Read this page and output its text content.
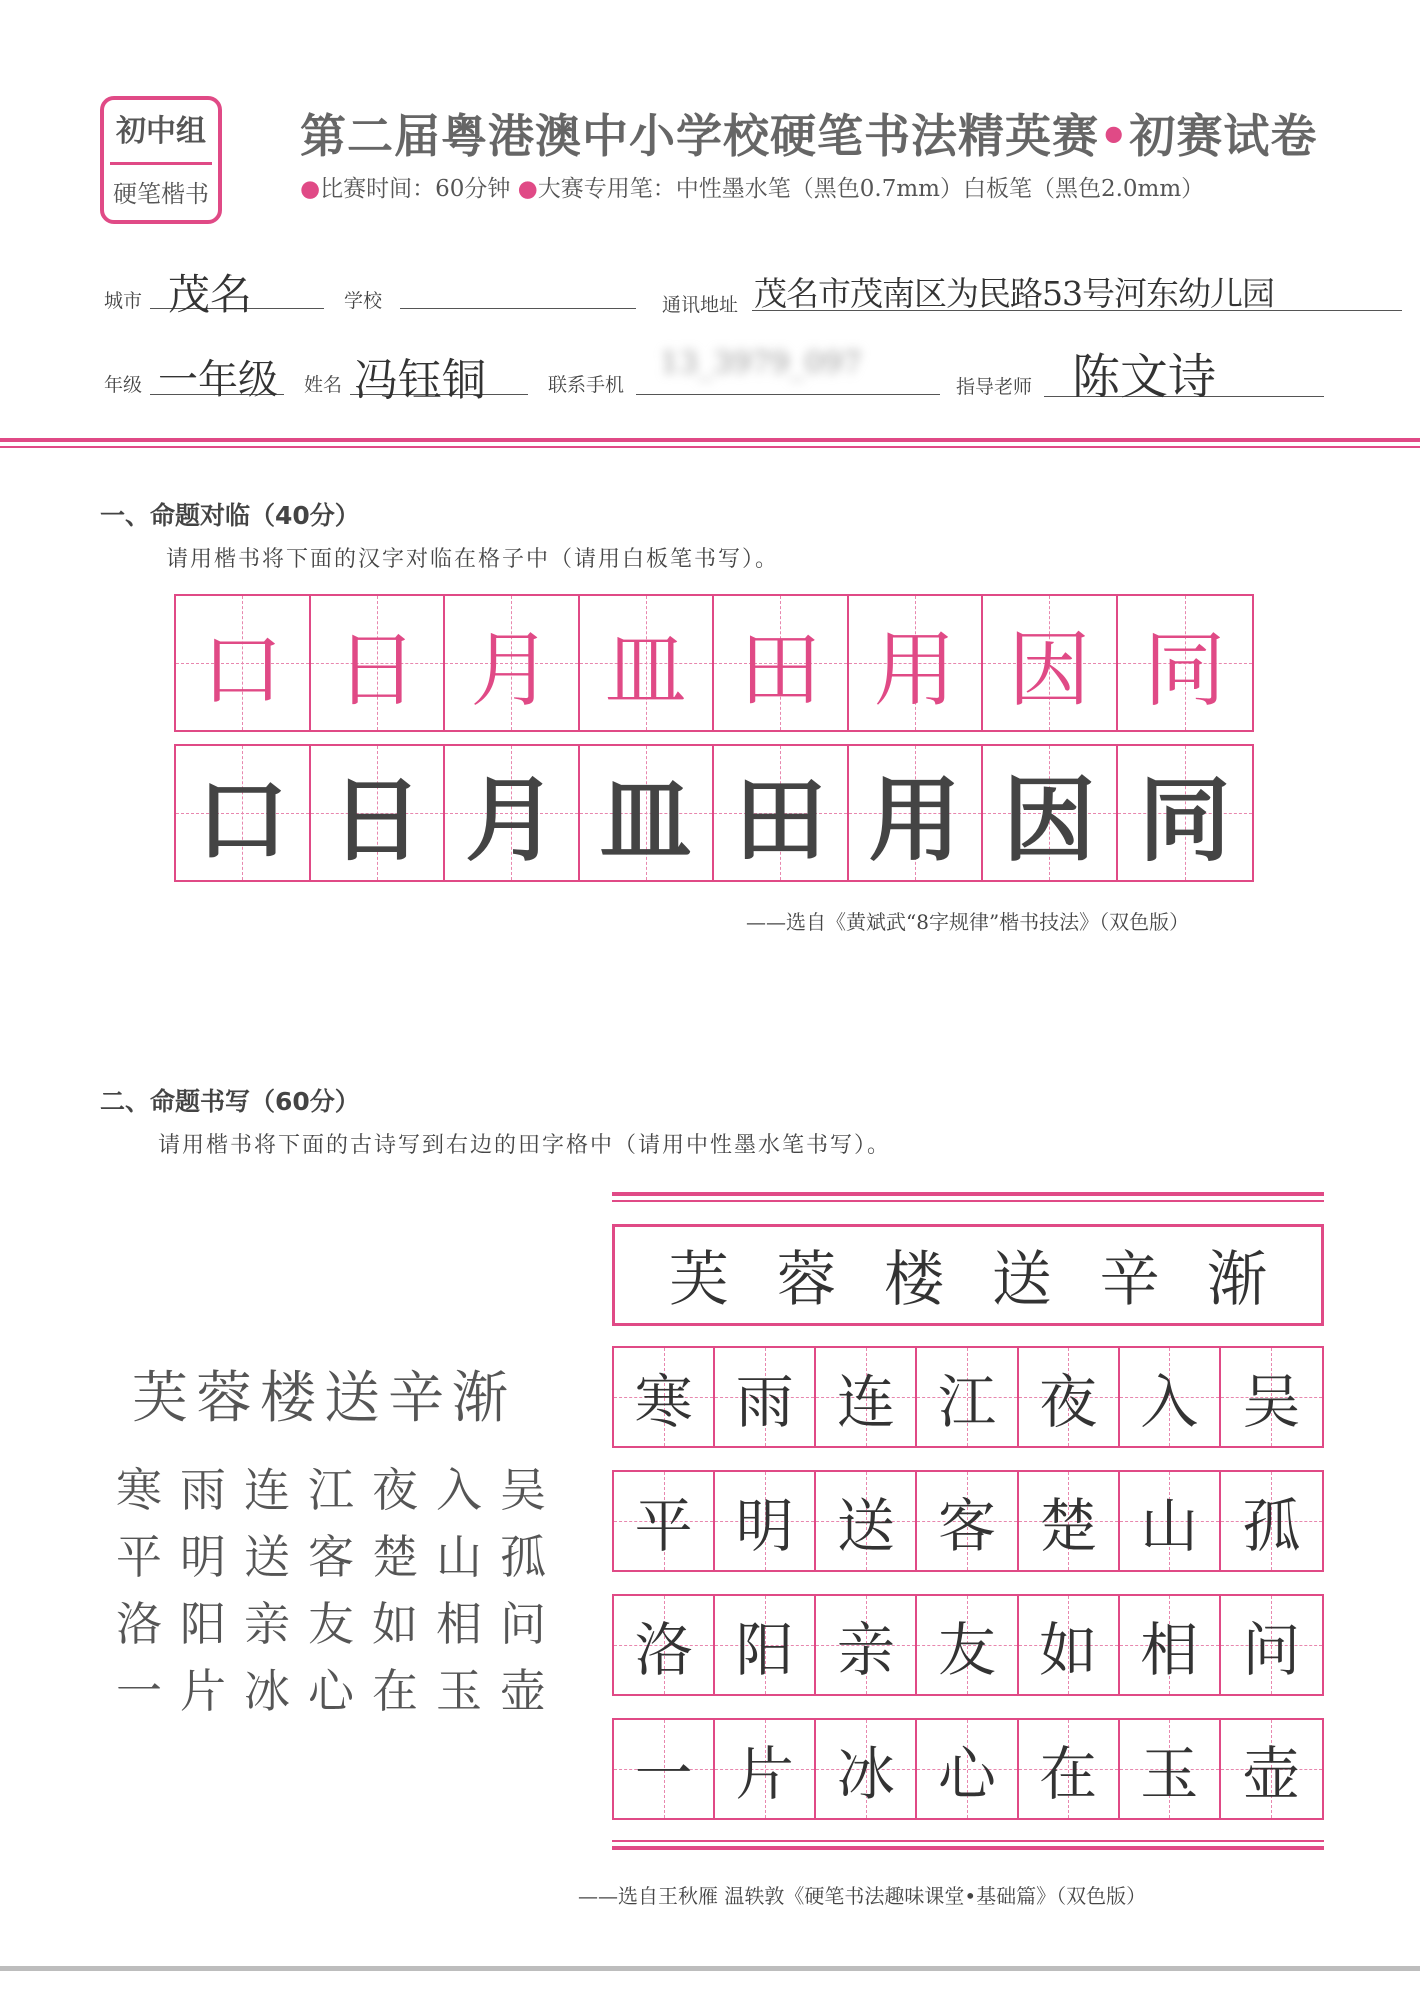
初中组
硬笔楷书
第二届粤港澳中小学校硬笔书法精英赛•初赛试卷
●比赛时间：60分钟 ●大赛专用笔：中性墨水笔（黑色0.7mm）白板笔（黑色2.0mm）
城市 茂名	学校	通讯地址 茂名市茂南区为民路53号河东幼儿园
年级 一年级 姓名 冯钰铜	联系手机
13_3979_097
指导老师 陈文诗
一、命题对临（40分）
请用楷书将下面的汉字对临在格子中（请用白板笔书写）。
口 日 月 皿 田 用 因 同
口 日 月 皿 田 用 因 同
——选自《黄斌武“8字规律”楷书技法》（双色版）
二、命题书写（60分）
请用楷书将下面的古诗写到右边的田字格中（请用中性墨水笔书写）。
芙蓉楼送辛渐
寒雨连江夜入吴
平明送客楚山孤
洛阳亲友如相问
一片冰心在玉壶
芙 蓉 楼 送 辛 渐
寒 雨 连 江 夜 入 吴
平 明 送 客 楚 山 孤
洛 阳 亲 友 如 相 问
一 片 冰 心 在 玉 壶
——选自王秋雁 温轶敦《硬笔书法趣味课堂•基础篇》（双色版）
